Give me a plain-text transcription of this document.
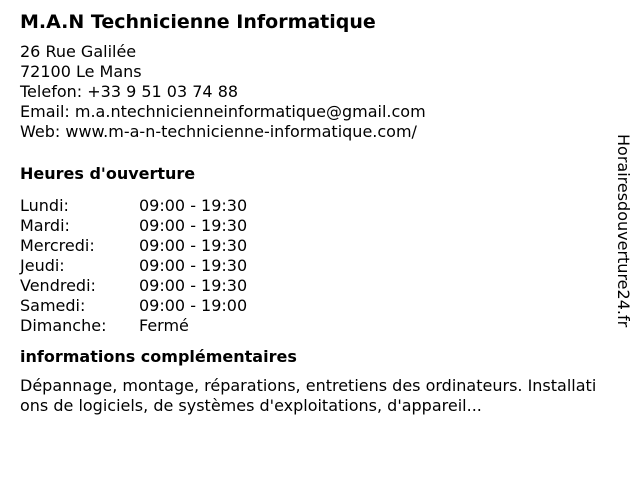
M.A.N Technicienne Informatique
26 Rue Galilée
72100 Le Mans
Telefon: +33 9 51 03 74 88
Email: m.a.ntechnicienneinformatique@gmail.com
Web: www.m-a-n-technicienne-informatique.com/
Heures d'ouverture
Lundi:	09:00 - 19:30
Mardi:	09:00 - 19:30
Mercredi:	09:00 - 19:30
Jeudi:	09:00 - 19:30
Vendredi:	09:00 - 19:30
Samedi:	09:00 - 19:00
Dimanche:	Fermé
informations complémentaires
Dépannage, montage, réparations, entretiens des ordinateurs. Installations de logiciels, de systèmes d'exploitations, d'appareil...
Horairesdouverture24.fr
